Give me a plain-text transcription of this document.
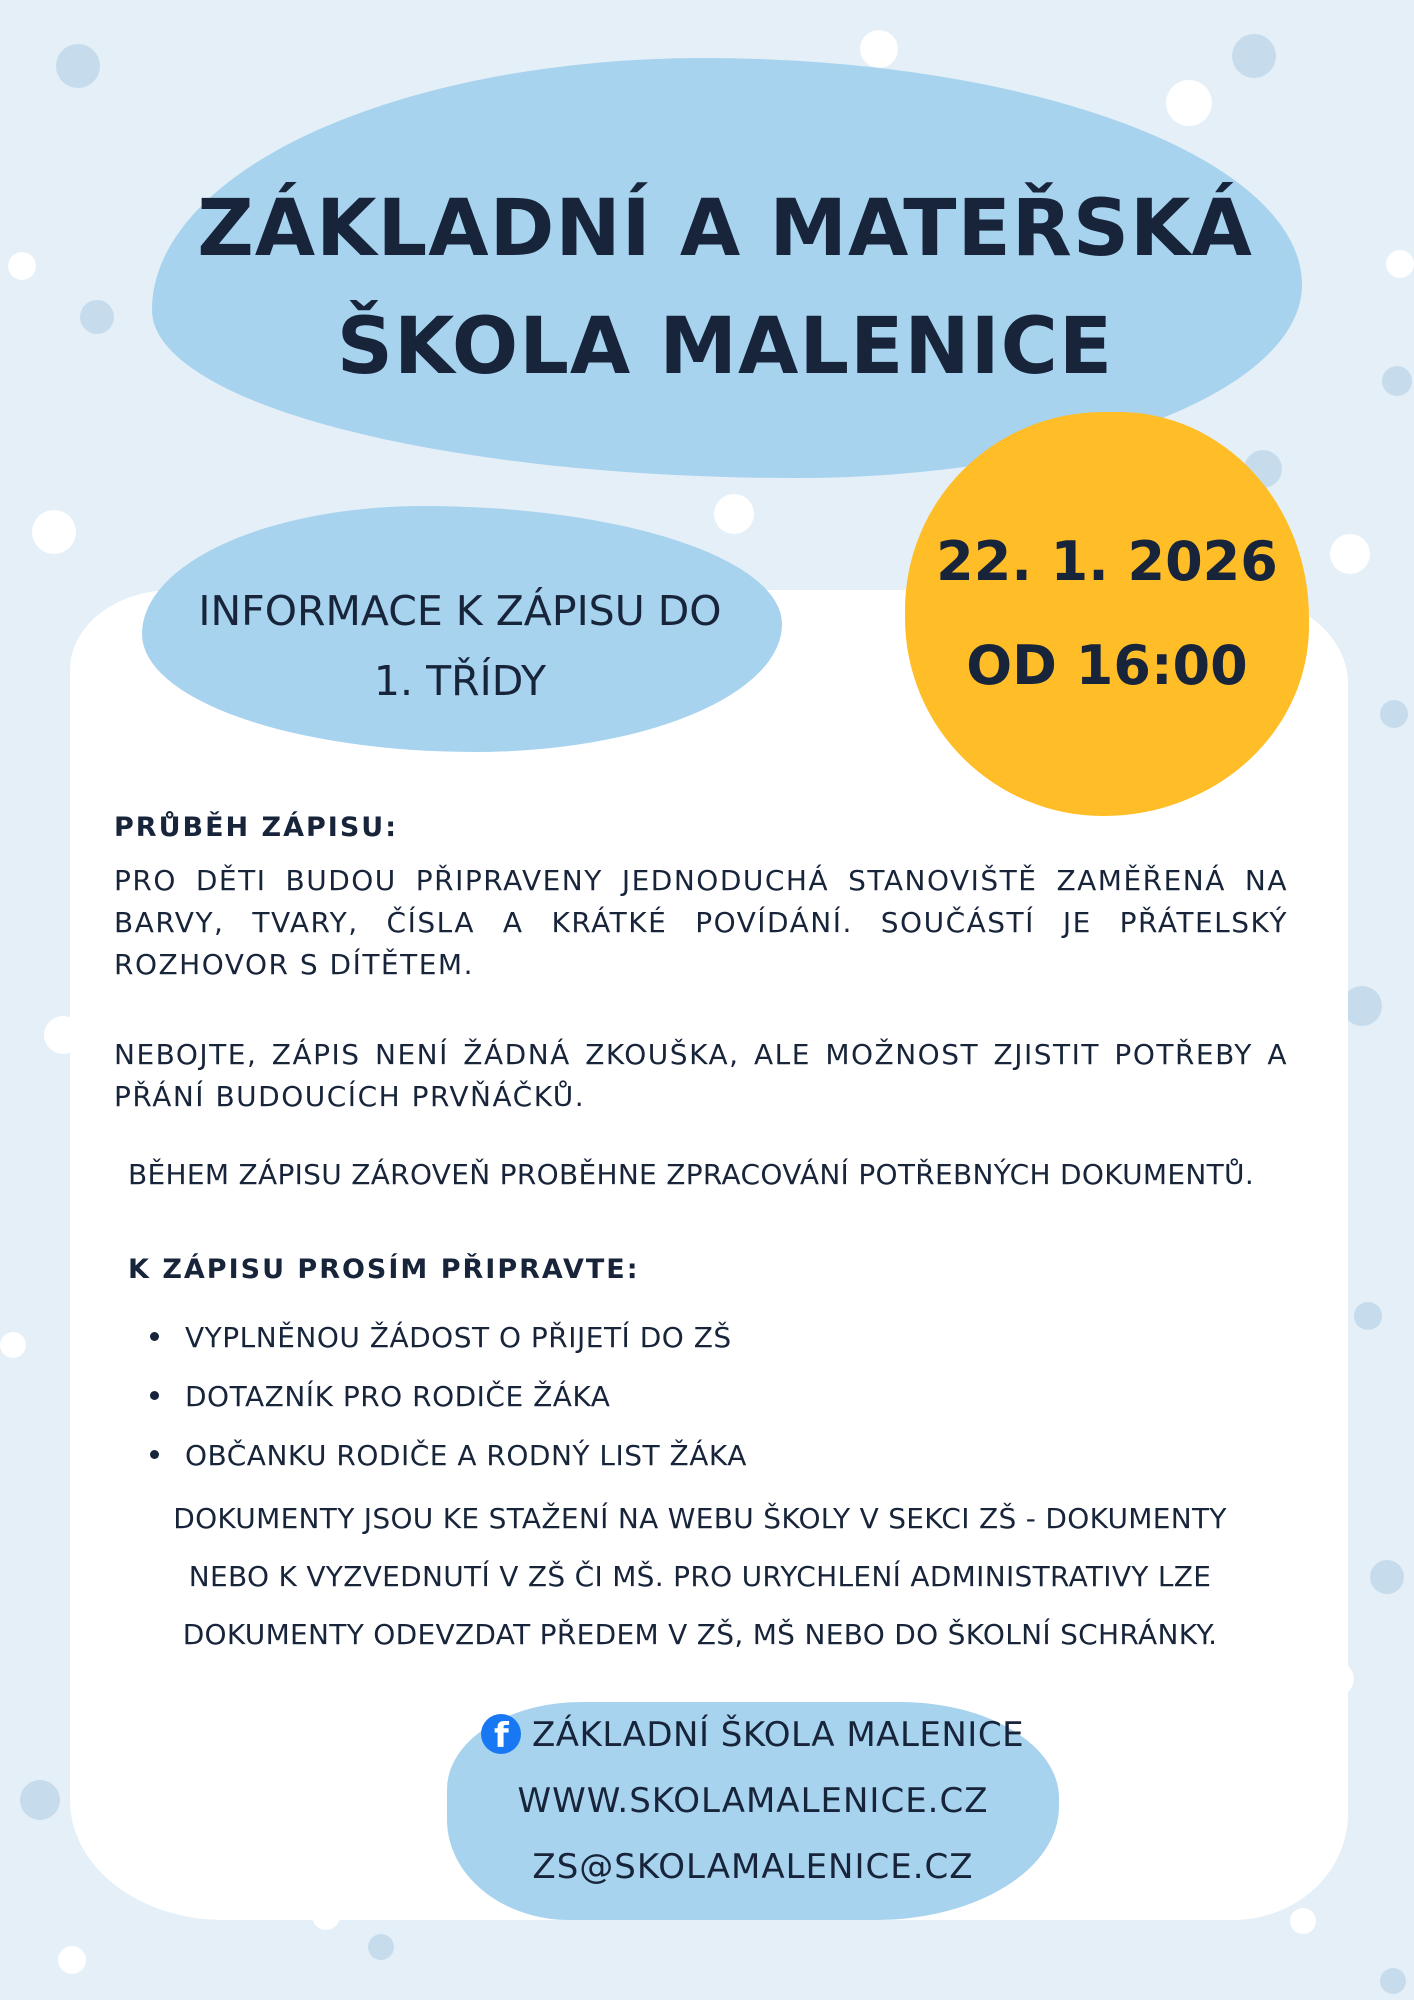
ZÁKLADNÍ A MATEŘSKÁ
ŠKOLA MALENICE
INFORMACE K ZÁPISU DO
1. TŘÍDY
22. 1. 2026
OD 16:00
PRŮBĚH ZÁPISU:
PRO DĚTI BUDOU PŘIPRAVENY JEDNODUCHÁ STANOVIŠTĚ ZAMĚŘENÁ NA BARVY, TVARY, ČÍSLA A KRÁTKÉ POVÍDÁNÍ. SOUČÁSTÍ JE PŘÁTELSKÝ ROZHOVOR S DÍTĚTEM.
NEBOJTE, ZÁPIS NENÍ ŽÁDNÁ ZKOUŠKA, ALE MOŽNOST ZJISTIT POTŘEBY A PŘÁNÍ BUDOUCÍCH PRVŇÁČKŮ.
BĚHEM ZÁPISU ZÁROVEŇ PROBĚHNE ZPRACOVÁNÍ POTŘEBNÝCH DOKUMENTŮ.
K ZÁPISU PROSÍM PŘIPRAVTE:
VYPLNĚNOU ŽÁDOST O PŘIJETÍ DO ZŠ
DOTAZNÍK PRO RODIČE ŽÁKA
OBČANKU RODIČE A RODNÝ LIST ŽÁKA
DOKUMENTY JSOU KE STAŽENÍ NA WEBU ŠKOLY V SEKCI ZŠ - DOKUMENTY
NEBO K VYZVEDNUTÍ V ZŠ ČI MŠ. PRO URYCHLENÍ ADMINISTRATIVY LZE
DOKUMENTY ODEVZDAT PŘEDEM V ZŠ, MŠ NEBO DO ŠKOLNÍ SCHRÁNKY.
f ZÁKLADNÍ ŠKOLA MALENICE
WWW.SKOLAMALENICE.CZ
ZS@SKOLAMALENICE.CZ
